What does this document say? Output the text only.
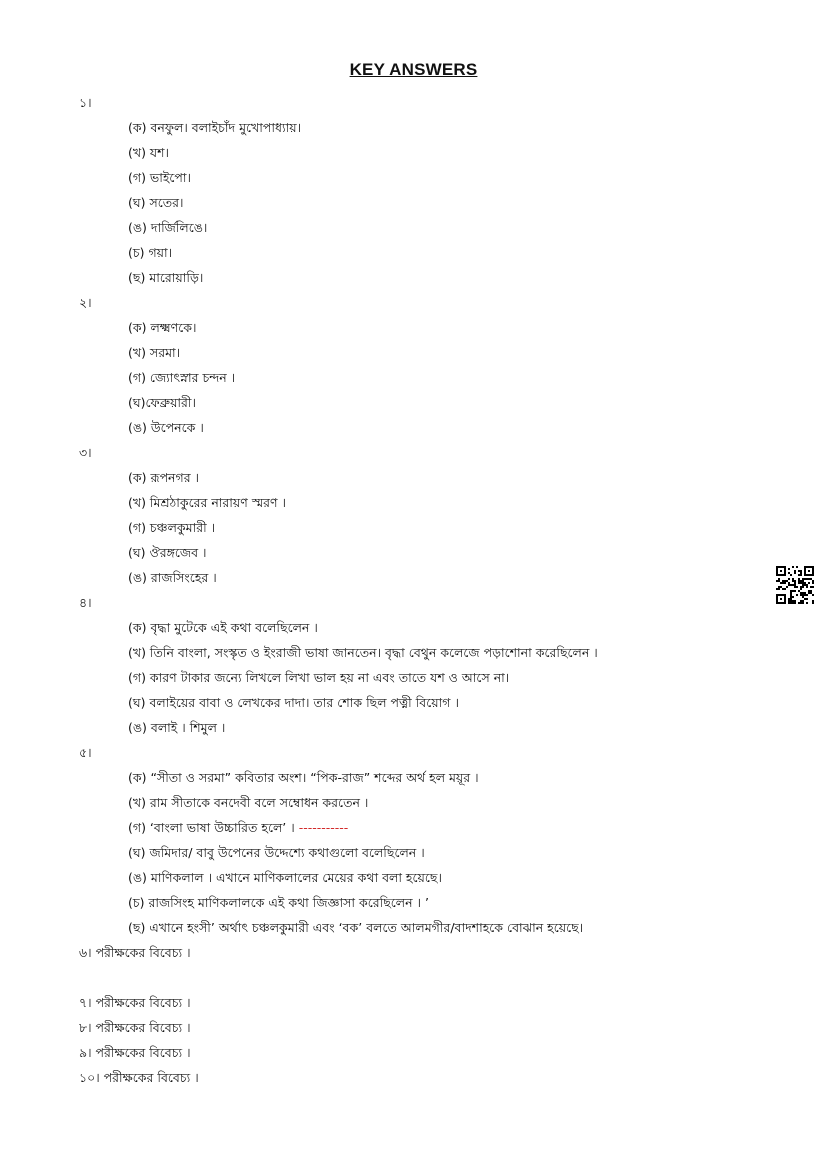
KEY ANSWERS
১।
(ক) বনফুল। বলাইচাঁদ মুখোপাধ্যায়।
(খ) যশ।
(গ) ভাইপো।
(ঘ) সতের।
(ঙ) দার্জিলিঙে।
(চ) গয়া।
(ছ) মারোয়াড়ি।
২।
(ক) লক্ষ্মণকে।
(খ) সরমা।
(গ) জ্যোৎস্নার চন্দন ।
(ঘ)ফেব্রুয়ারী।
(ঙ) উপেনকে ।
৩।
(ক) রূপনগর ।
(খ) মিশ্রঠাকুরের নারায়ণ স্মরণ ।
(গ) চঞ্চলকুমারী ।
(ঘ) ঔরঙ্গজেব ।
(ঙ) রাজসিংহের ।
৪।
(ক) বৃদ্ধা মুটেকে এই কথা বলেছিলেন ।
(খ) তিনি বাংলা, সংস্কৃত ও ইংরাজী ভাষা জানতেন। বৃদ্ধা বেথুন কলেজে পড়াশোনা করেছিলেন ।
(গ) কারণ টাকার জন্যে লিখলে লিখা ভাল হয় না এবং তাতে যশ ও আসে না।
(ঘ) বলাইয়ের বাবা ও লেখকের দাদা। তার শোক ছিল পত্নী বিয়োগ ।
(ঙ) বলাই । শিমুল ।
৫।
(ক) “সীতা ও সরমা” কবিতার অংশ। “পিক-রাজ” শব্দের অর্থ হল ময়ূর ।
(খ) রাম সীতাকে বনদেবী বলে সম্বোধন করতেন ।
(গ) ‘বাংলা ভাষা উচ্চারিত হলে’ । -----------
(ঘ) জমিদার/ বাবু উপেনের উদ্দেশ্যে কথাগুলো বলেছিলেন ।
(ঙ) মাণিকলাল । এখানে মাণিকলালের মেয়ের কথা বলা হয়েছে।
(চ) রাজসিংহ মাণিকলালকে এই কথা জিজ্ঞাসা করেছিলেন । ’
(ছ) এখানে হংসী’ অর্থাৎ চঞ্চলকুমারী এবং ‘বক’ বলতে আলমগীর/বাদশাহকে বোঝান হয়েছে।
৬। পরীক্ষকের বিবেচ্য ।
৭। পরীক্ষকের বিবেচ্য ।
৮। পরীক্ষকের বিবেচ্য ।
৯। পরীক্ষকের বিবেচ্য ।
১০। পরীক্ষকের বিবেচ্য ।
